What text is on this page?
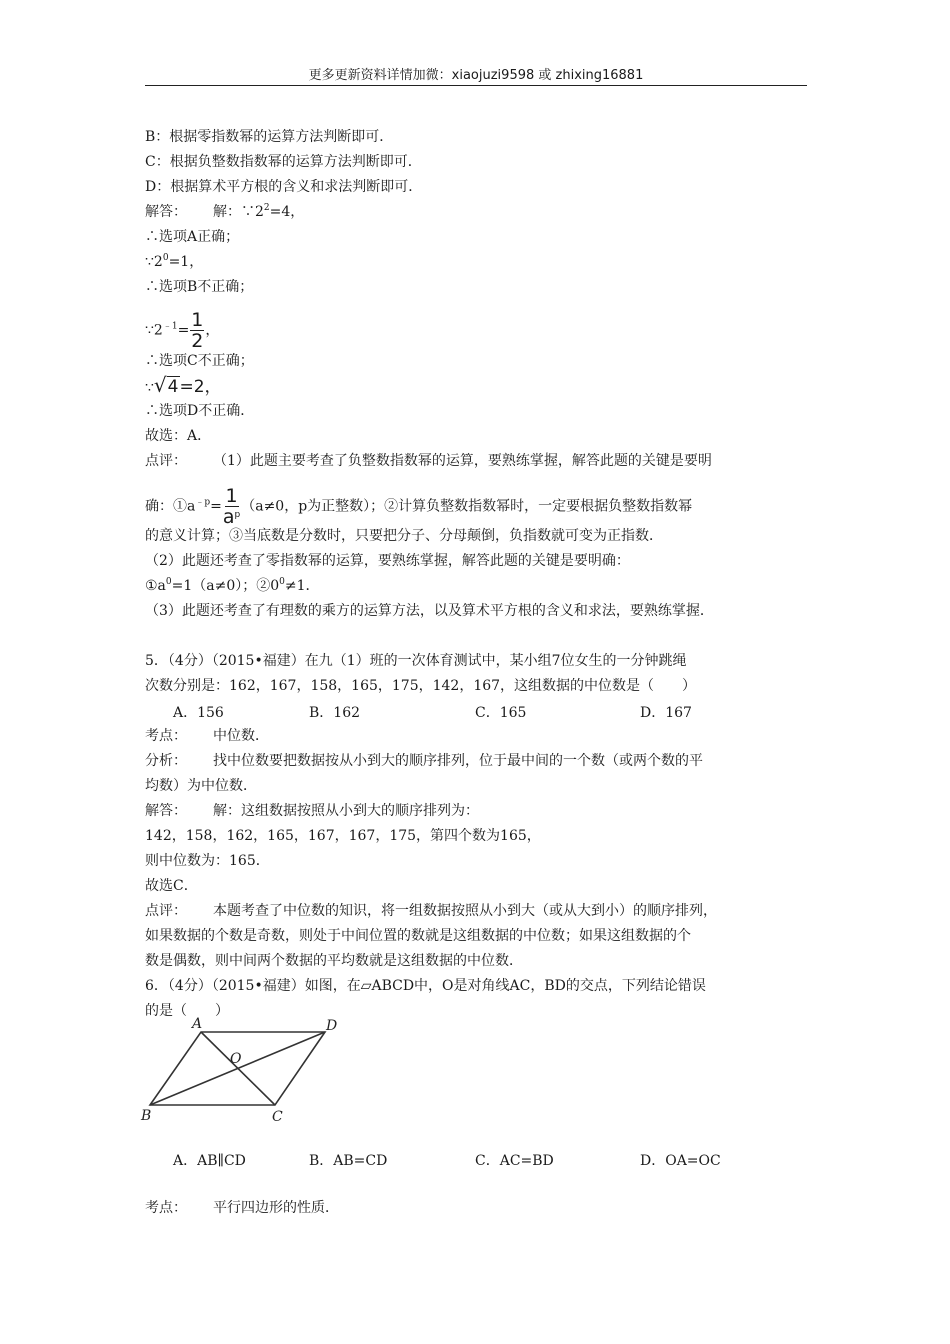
更多更新资料详情加微：xiaojuzi9598 或 zhixing16881
B：根据零指数幂的运算方法判断即可．
C：根据负整数指数幂的运算方法判断即可．
D：根据算术平方根的含义和求法判断即可．
解答： 解：$\because 2^2=4$，
∴选项A正确；
$\because 2^0=1$，
∴选项B不正确；
$\because 2^{﹣1}= \frac{1}{2}$ ，
∴选项C不正确；
∵√4=2，
∴选项D不正确．
故选：A．
点评： （1）此题主要考查了负整数指数幂的运算，要熟练掌握，解答此题的关键是要明
确：$①a^{﹣p}= \frac{1}{a^p} (a\ne 0$，p为正整数）；②计算负整数指数幂时，一定要根据负整数指数幂
的意义计算；③当底数是分数时，只要把分子、分母颠倒，负指数就可变为正指数．
（2）此题还考查了零指数幂的运算，要熟练掌握，解答此题的关键是要明确：
$①a^0=1(a\ne 0)$；$②0^0\ne 1$．
（3）此题还考查了有理数的乘方的运算方法，以及算术平方根的含义和求法，要熟练掌握．
5．（4分）（2015•福建）在九（1）班的一次体育测试中，某小组7位女生的一分钟跳绳
次数分别是：162，167，158，165，175，142，167，这组数据的中位数是（　　）
A．156	B．162	C．165	D．167
考点： 中位数．
分析： 找中位数要把数据按从小到大的顺序排列，位于最中间的一个数（或两个数的平
均数）为中位数．
解答： 解：这组数据按照从小到大的顺序排列为：
142，158，162，165，167，167，175，第四个数为165，
则中位数为：165．
故选C．
点评： 本题考查了中位数的知识，将一组数据按照从小到大（或从大到小）的顺序排列，
如果数据的个数是奇数，则处于中间位置的数就是这组数据的中位数；如果这组数据的个
数是偶数，则中间两个数据的平均数就是这组数据的中位数．
6．（4分）（2015•福建）如图，在▱ABCD中，O是对角线AC，BD的交点，下列结论错误
的是（　　）
A	D
B	C
O
A．AB∥CD	B．AB=CD	C．AC=BD	D．OA=OC
考点： 平行四边形的性质．
